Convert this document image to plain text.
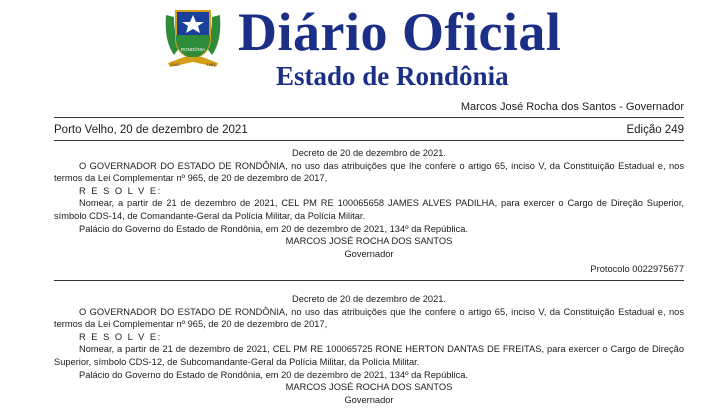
RONDÔNIA
1943	1981
Diário Oficial
Estado de Rondônia
Marcos José Rocha dos Santos - Governador
Porto Velho, 20 de dezembro de 2021	Edição 249

Decreto de 20 de dezembro de 2021.

O GOVERNADOR DO ESTADO DE RONDÔNIA, no uso das atribuições que lhe confere o artigo 65, inciso V, da Constituição Estadual e, nos termos da Lei Complementar nº 965, de 20 de dezembro de 2017,

R E S O L V E:

Nomear, a partir de 21 de dezembro de 2021, CEL PM RE 100065658 JAMES ALVES PADILHA, para exercer o Cargo de Direção Superior, símbolo CDS-14, de Comandante-Geral da Polícia Militar, da Polícia Militar.

Palácio do Governo do Estado de Rondônia, em 20 de dezembro de 2021, 134º da República.

MARCOS JOSÉ ROCHA DOS SANTOS

Governador

Protocolo 0022975677

Decreto de 20 de dezembro de 2021.

O GOVERNADOR DO ESTADO DE RONDÔNIA, no uso das atribuições que lhe confere o artigo 65, inciso V, da Constituição Estadual e, nos termos da Lei Complementar nº 965, de 20 de dezembro de 2017,

R E S O L V E:

Nomear, a partir de 21 de dezembro de 2021, CEL PM RE 100065725 RONE HERTON DANTAS DE FREITAS, para exercer o Cargo de Direção Superior, símbolo CDS-12, de Subcomandante-Geral da Polícia Militar, da Polícia Militar.

Palácio do Governo do Estado de Rondônia, em 20 de dezembro de 2021, 134º da República.

MARCOS JOSÉ ROCHA DOS SANTOS

Governador
